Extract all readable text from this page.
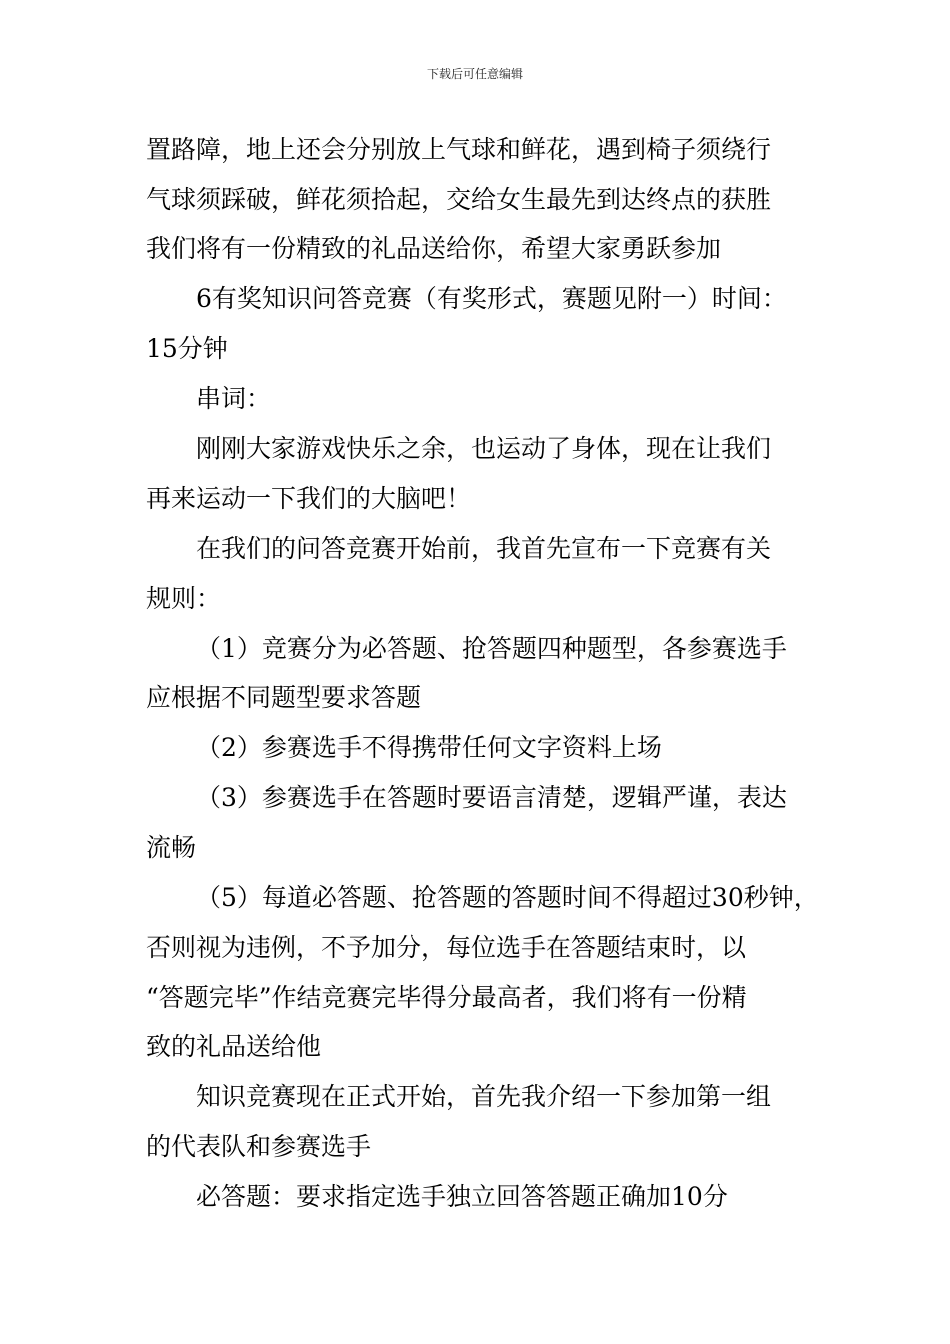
下载后可任意编辑
置路障，地上还会分别放上气球和鲜花，遇到椅子须绕行
气球须踩破，鲜花须拾起，交给女生最先到达终点的获胜
我们将有一份精致的礼品送给你，希望大家勇跃参加
6有奖知识问答竞赛（有奖形式，赛题见附一）时间：
15分钟
串词：
刚刚大家游戏快乐之余，也运动了身体，现在让我们
再来运动一下我们的大脑吧！
在我们的问答竞赛开始前，我首先宣布一下竞赛有关
规则：
（1）竞赛分为必答题、抢答题四种题型，各参赛选手
应根据不同题型要求答题
（2）参赛选手不得携带任何文字资料上场
（3）参赛选手在答题时要语言清楚，逻辑严谨，表达
流畅
（5）每道必答题、抢答题的答题时间不得超过30秒钟，
否则视为违例，不予加分，每位选手在答题结束时，以
“答题完毕”作结竞赛完毕得分最高者，我们将有一份精
致的礼品送给他
知识竞赛现在正式开始，首先我介绍一下参加第一组
的代表队和参赛选手
必答题：要求指定选手独立回答答题正确加10分
